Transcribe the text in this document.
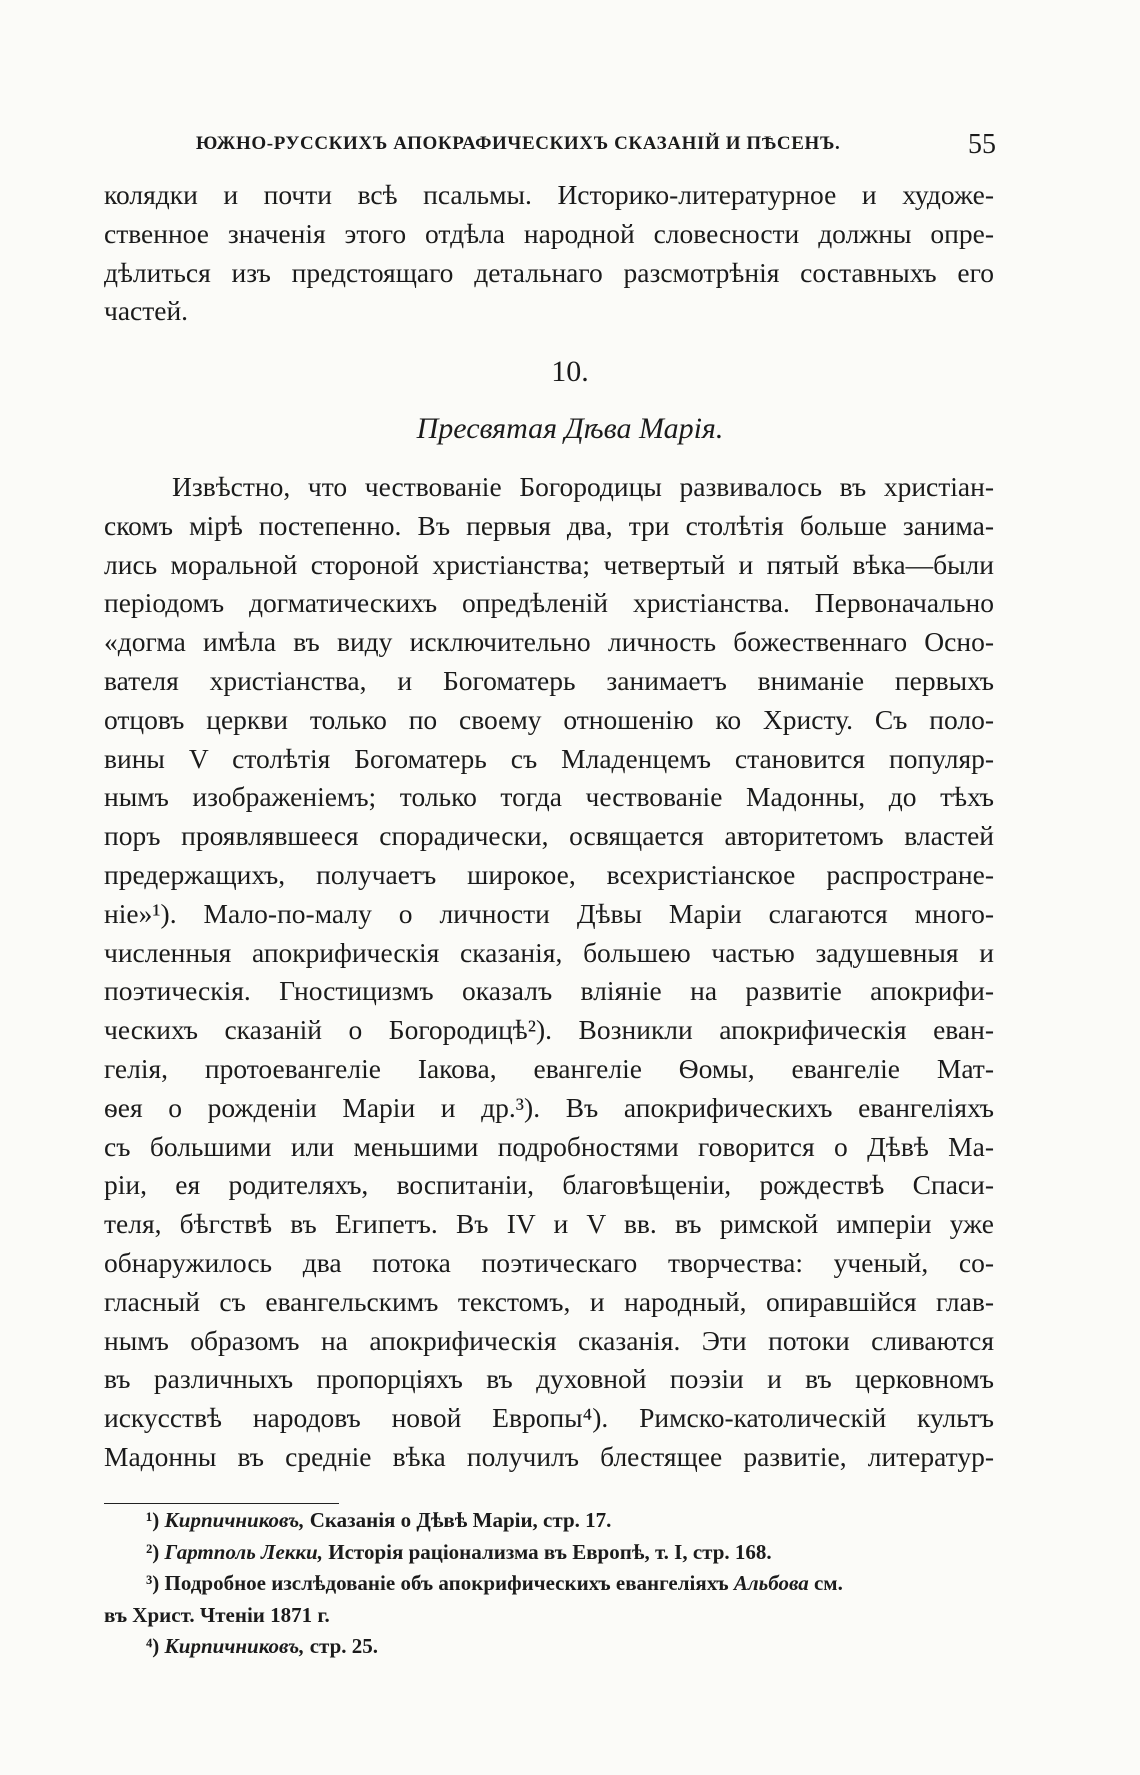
ЮЖНО-РУССКИХЪ АПОКРАФИЧЕСКИХЪ СКАЗАНІЙ И ПѢСЕНЪ.	55
колядки и почти всѣ псальмы. Историко-литературное и художе-
ственное значенія этого отдѣла народной словесности должны опре-
дѣлиться изъ предстоящаго детальнаго разсмотрѣнія составныхъ его
частей.
10.
Пресвятая Дѣва Марія.
Извѣстно, что чествованіе Богородицы развивалось въ христіан-
скомъ мірѣ постепенно. Въ первыя два, три столѣтія больше занима-
лись моральной стороной христіанства; четвертый и пятый вѣка—были
періодомъ догматическихъ опредѣленій христіанства. Первоначально
«догма имѣла въ виду исключительно личность божественнаго Осно-
вателя христіанства, и Богоматерь занимаетъ вниманіе первыхъ
отцовъ церкви только по своему отношенію ко Христу. Съ поло-
вины V столѣтія Богоматерь съ Младенцемъ становится популяр-
нымъ изображеніемъ; только тогда чествованіе Мадонны, до тѣхъ
поръ проявлявшееся спорадически, освящается авторитетомъ властей
предержащихъ, получаетъ широкое, всехристіанское распростране-
ніе»¹). Мало-по-малу о личности Дѣвы Маріи слагаются много-
численныя апокрифическія сказанія, большею частью задушевныя и
поэтическія. Гностицизмъ оказалъ вліяніе на развитіе апокрифи-
ческихъ сказаній о Богородицѣ²). Возникли апокрифическія еван-
гелія, протоевангеліе Іакова, евангеліе Ѳомы, евангеліе Мат-
ѳея о рожденіи Маріи и др.³). Въ апокрифическихъ евангеліяхъ
съ большими или меньшими подробностями говорится о Дѣвѣ Ма-
ріи, ея родителяхъ, воспитаніи, благовѣщеніи, рождествѣ Спаси-
теля, бѣгствѣ въ Египетъ. Въ IV и V вв. въ римской имперіи уже
обнаружилось два потока поэтическаго творчества: ученый, со-
гласный съ евангельскимъ текстомъ, и народный, опиравшійся глав-
нымъ образомъ на апокрифическія сказанія. Эти потоки сливаются
въ различныхъ пропорціяхъ въ духовной поэзіи и въ церковномъ
искусствѣ народовъ новой Европы⁴). Римско-католическій культъ
Мадонны въ средніе вѣка получилъ блестящее развитіе, литератур-
¹) Кирпичниковъ, Сказанія о Дѣвѣ Маріи, стр. 17.
²) Гартполь Лекки, Исторія раціонализма въ Европѣ, т. I, стр. 168.
³) Подробное изслѣдованіе объ апокрифическихъ евангеліяхъ Альбова см.
въ Христ. Чтеніи 1871 г.
⁴) Кирпичниковъ, стр. 25.
